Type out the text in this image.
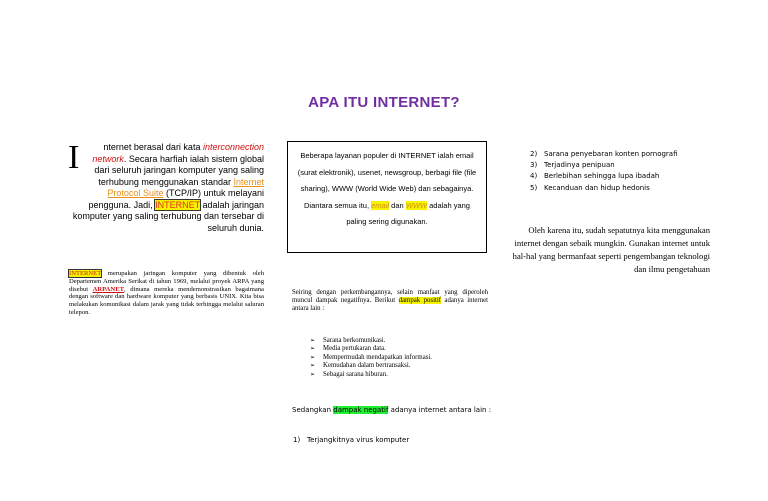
APA ITU INTERNET?
I	nternet berasal dari kata interconnection network. Secara harfiah ialah sistem global dari seluruh jaringan komputer yang saling terhubung menggunakan standar Internet Protocol Suite (TCP/IP) untuk melayani pengguna. Jadi, INTERNET adalah jaringan komputer yang saling terhubung dan tersebar di seluruh dunia.
INTERNET merupakan jaringan komputer yang dibentuk oleh Departemen Amerika Serikat di tahun 1969, melalui proyek ARPA yang disebut ARPANET, dimana mereka mendemonstrasikan bagaimana dengan software dan hardware komputer yang berbasis UNIX. Kita bisa melakukan komunikasi dalam jarak yang tidak terhingga melalui saluran telepon.
Beberapa layanan populer di INTERNET ialah email (surat elektronik), usenet, newsgroup, berbagi file (file sharing), WWW (World Wide Web) dan sebagainya. Diantara semua itu, email dan WWW adalah yang paling sering digunakan.
Seiring dengan perkembangannya, selain manfaat yang diperoleh muncul dampak negatifnya. Berikut dampak positif adanya internet antara lain :
➢ Sarana berkomunikasi.
➢ Media pertukaran data.
➢ Mempermudah mendapatkan informasi.
➢ Kemudahan dalam bertransaksi.
➢ Sebagai sarana hiburan.
Sedangkan dampak negatif adanya internet antara lain :
1) Terjangkitnya virus komputer
2) Sarana penyebaran konten pornografi
3) Terjadinya penipuan
4) Berlebihan sehingga lupa ibadah
5) Kecanduan dan hidup hedonis
Oleh karena itu, sudah sepatutnya kita menggunakan internet dengan sebaik mungkin. Gunakan internet untuk hal-hal yang bermanfaat seperti pengembangan teknologi dan ilmu pengetahuan
